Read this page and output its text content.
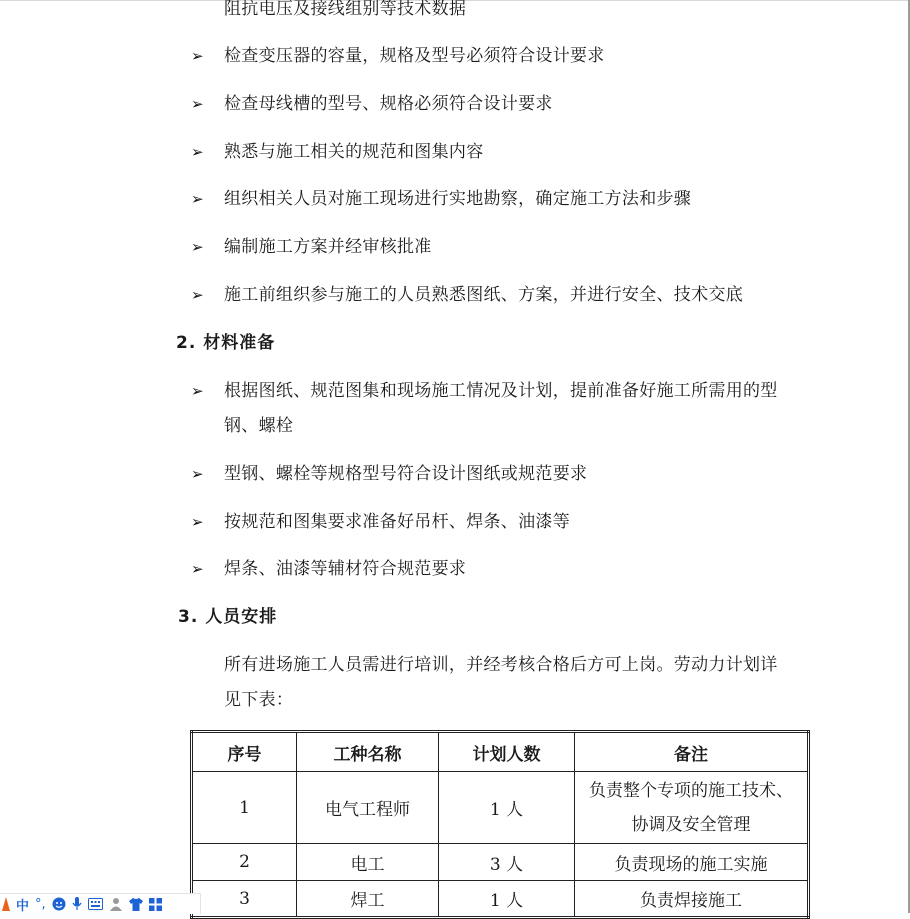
阻抗电压及接线组别等技术数据
➢ 检查变压器的容量，规格及型号必须符合设计要求
➢ 检查母线槽的型号、规格必须符合设计要求
➢ 熟悉与施工相关的规范和图集内容
➢ 组织相关人员对施工现场进行实地勘察，确定施工方法和步骤
➢ 编制施工方案并经审核批准
➢ 施工前组织参与施工的人员熟悉图纸、方案，并进行安全、技术交底
2. 材料准备
➢ 根据图纸、规范图集和现场施工情况及计划，提前准备好施工所需用的型
钢、螺栓
➢ 型钢、螺栓等规格型号符合设计图纸或规范要求
➢ 按规范和图集要求准备好吊杆、焊条、油漆等
➢ 焊条、油漆等辅材符合规范要求
3. 人员安排
所有进场施工人员需进行培训，并经考核合格后方可上岗。劳动力计划详
见下表：
序号	工种名称	计划人数	备注
1	电气工程师	1 人	负责整个专项的施工技术、
协调及安全管理

2	电工	3 人	负责现场的施工实施
3	焊工	1 人	负责焊接施工
中 °,
